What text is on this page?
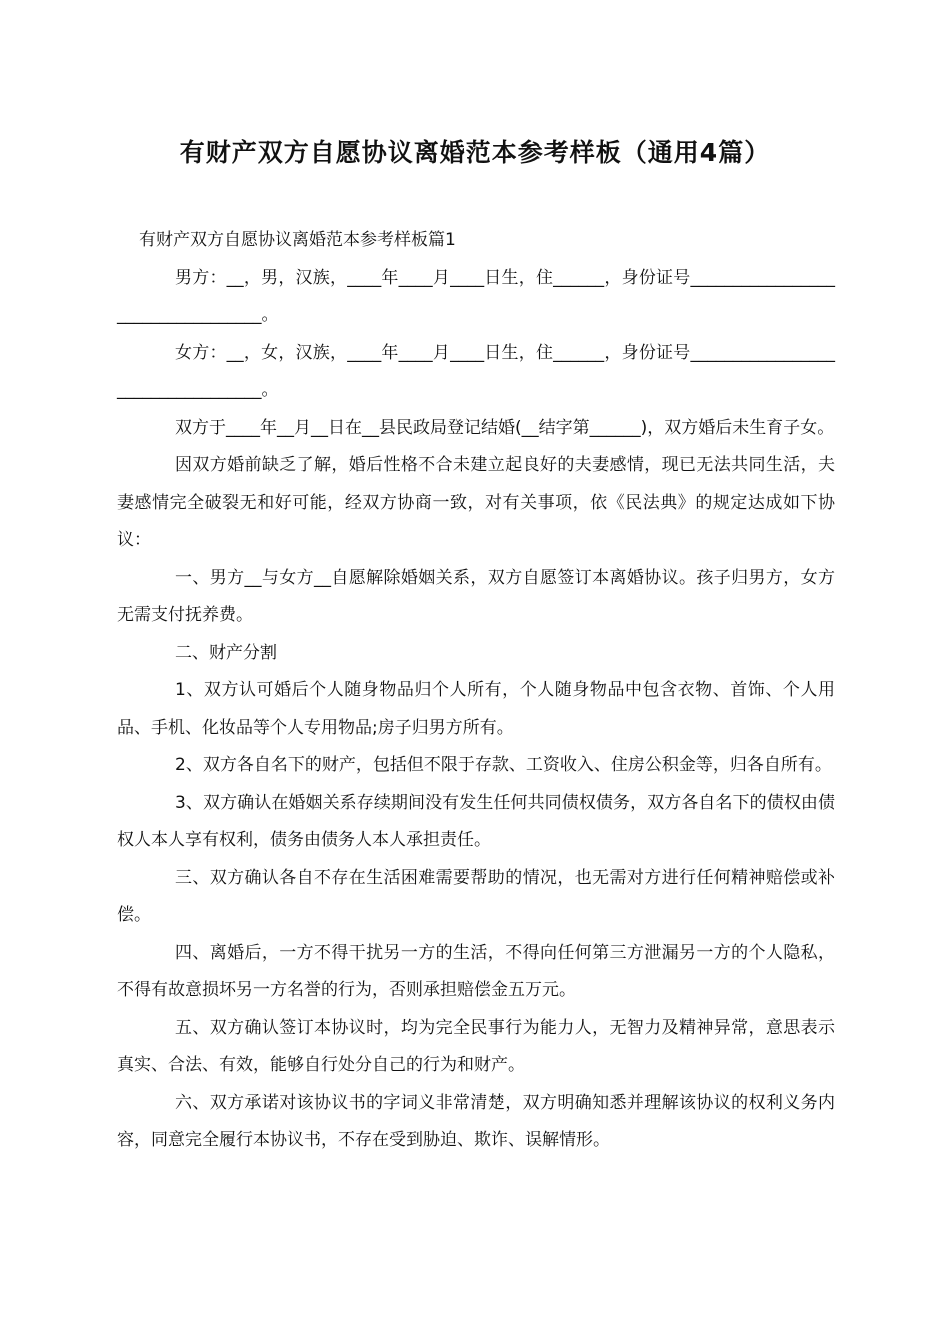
有财产双方自愿协议离婚范本参考样板（通用4篇）

有财产双方自愿协议离婚范本参考样板篇1

男方：__，男，汉族，____年____月____日生，住______，身份证号__________________________________。

女方：__，女，汉族，____年____月____日生，住______，身份证号__________________________________。

双方于____年__月__日在__县民政局登记结婚(__结字第______)，双方婚后未生育子女。

因双方婚前缺乏了解，婚后性格不合未建立起良好的夫妻感情，现已无法共同生活，夫妻感情完全破裂无和好可能，经双方协商一致，对有关事项，依《民法典》的规定达成如下协议：

一、男方__与女方__自愿解除婚姻关系，双方自愿签订本离婚协议。孩子归男方，女方无需支付抚养费。

二、财产分割

1、双方认可婚后个人随身物品归个人所有，个人随身物品中包含衣物、首饰、个人用品、手机、化妆品等个人专用物品;房子归男方所有。

2、双方各自名下的财产，包括但不限于存款、工资收入、住房公积金等，归各自所有。

3、双方确认在婚姻关系存续期间没有发生任何共同债权债务，双方各自名下的债权由债权人本人享有权利，债务由债务人本人承担责任。

三、双方确认各自不存在生活困难需要帮助的情况，也无需对方进行任何精神赔偿或补偿。

四、离婚后，一方不得干扰另一方的生活，不得向任何第三方泄漏另一方的个人隐私，不得有故意损坏另一方名誉的行为，否则承担赔偿金五万元。

五、双方确认签订本协议时，均为完全民事行为能力人，无智力及精神异常，意思表示真实、合法、有效，能够自行处分自己的行为和财产。

六、双方承诺对该协议书的字词义非常清楚，双方明确知悉并理解该协议的权利义务内容，同意完全履行本协议书，不存在受到胁迫、欺诈、误解情形。
